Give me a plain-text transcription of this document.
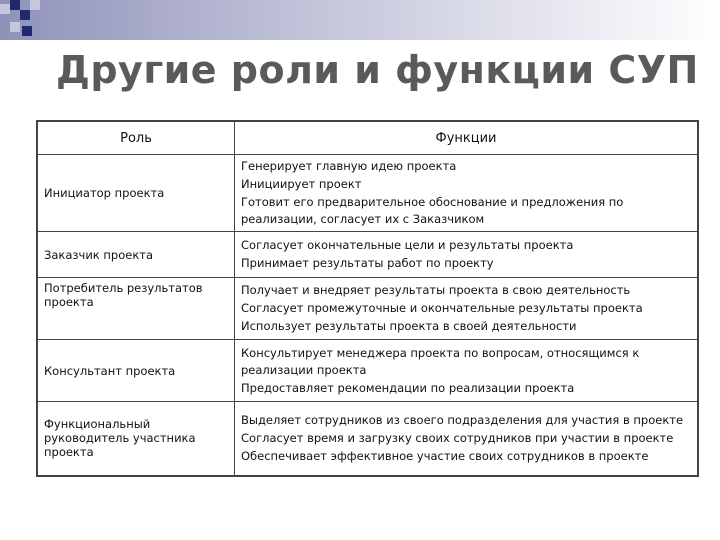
Другие роли и функции СУП
Роль	Функции
Инициатор проекта	Генерирует главную идею проекта
Инициирует проект
Готовит его предварительное обоснование и предложения по реализации, согласует их с Заказчиком

Заказчик проекта	Согласует окончательные цели и результаты проекта
Принимает результаты работ по проекту

Потребитель результатов проекта	Получает и внедряет результаты проекта в свою деятельность
Согласует промежуточные и окончательные результаты проекта
Использует результаты проекта в своей деятельности

Консультант проекта	Консультирует менеджера проекта по вопросам, относящимся к реализации проекта
Предоставляет рекомендации по реализации проекта

Функциональный руководитель участника проекта	Выделяет сотрудников из своего подразделения для участия в проекте
Согласует время и загрузку своих сотрудников при участии в проекте
Обеспечивает эффективное участие своих сотрудников в проекте
